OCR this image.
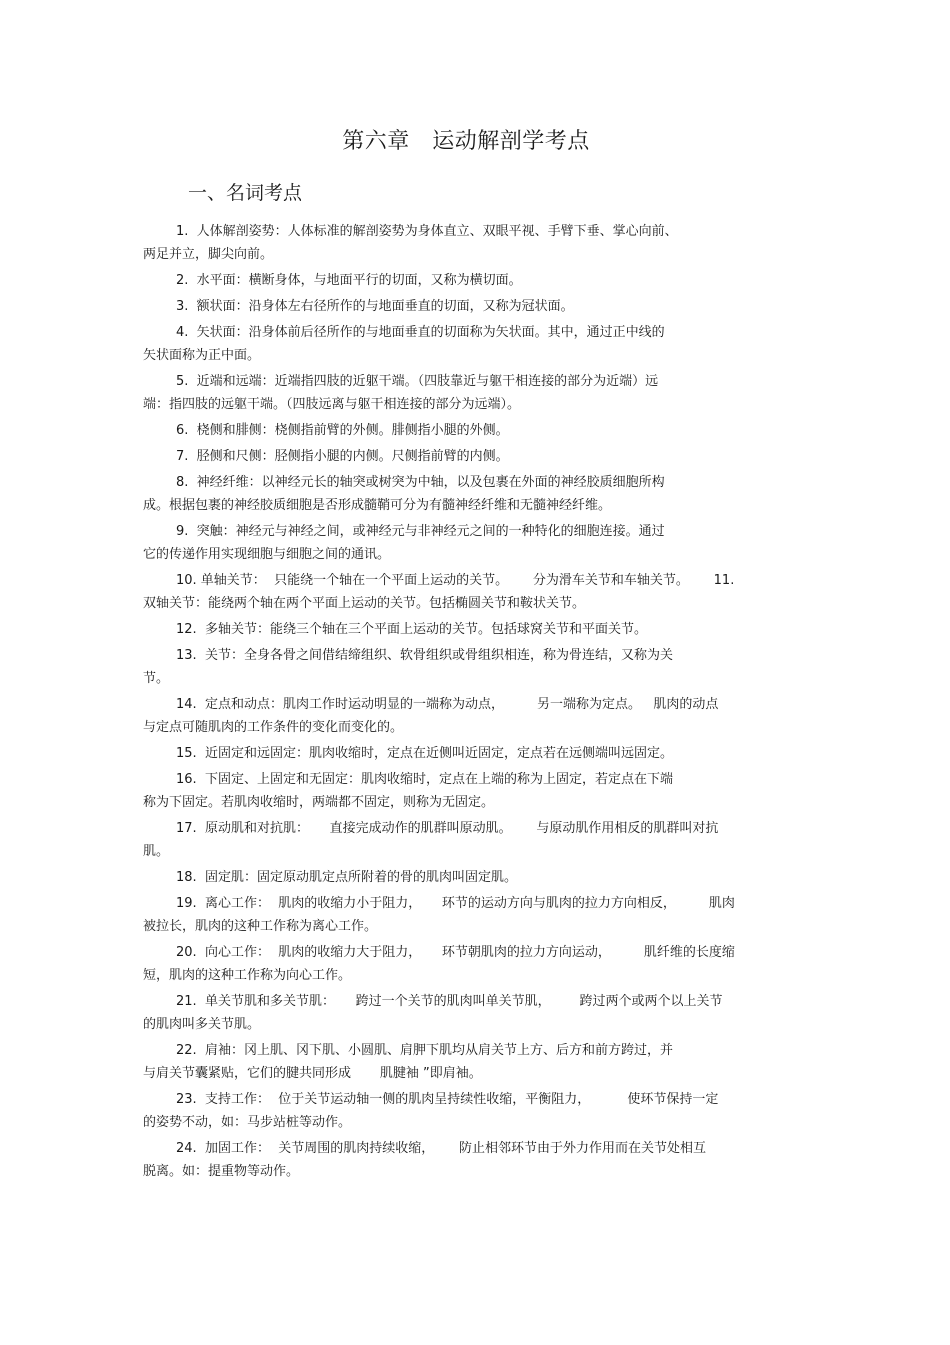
第六章　运动解剖学考点
一、名词考点
1.  人体解剖姿势：人体标准的解剖姿势为身体直立、双眼平视、手臂下垂、掌心向前、
两足并立，脚尖向前。
2.  水平面：横断身体，与地面平行的切面，又称为横切面。
3.  额状面：沿身体左右径所作的与地面垂直的切面，又称为冠状面。
4.  矢状面：沿身体前后径所作的与地面垂直的切面称为矢状面。其中，通过正中线的
矢状面称为正中面。
5.  近端和远端：近端指四肢的近躯干端。（四肢靠近与躯干相连接的部分为近端）远
端：指四肢的远躯干端。（四肢远离与躯干相连接的部分为远端）。
6.  桡侧和腓侧：桡侧指前臂的外侧。腓侧指小腿的外侧。
7.  胫侧和尺侧：胫侧指小腿的内侧。尺侧指前臂的内侧。
8.  神经纤维：以神经元长的轴突或树突为中轴，以及包裹在外面的神经胶质细胞所构
成。根据包裹的神经胶质细胞是否形成髓鞘可分为有髓神经纤维和无髓神经纤维。
9.  突触：神经元与神经之间，或神经元与非神经元之间的一种特化的细胞连接。通过
它的传递作用实现细胞与细胞之间的通讯。
10. 单轴关节：  只能绕一个轴在一个平面上运动的关节。      分为滑车关节和车轴关节。      11.
双轴关节：能绕两个轴在两个平面上运动的关节。包括椭圆关节和鞍状关节。
12.  多轴关节：能绕三个轴在三个平面上运动的关节。包括球窝关节和平面关节。
13.  关节：全身各骨之间借结缔组织、软骨组织或骨组织相连，称为骨连结，又称为关
节。
14.  定点和动点：肌肉工作时运动明显的一端称为动点，        另一端称为定点。   肌肉的动点
与定点可随肌肉的工作条件的变化而变化的。
15.  近固定和远固定：肌肉收缩时，定点在近侧叫近固定，定点若在远侧端叫远固定。
16.  下固定、上固定和无固定：肌肉收缩时，定点在上端的称为上固定，若定点在下端
称为下固定。若肌肉收缩时，两端都不固定，则称为无固定。
17.  原动肌和对抗肌：     直接完成动作的肌群叫原动肌。      与原动肌作用相反的肌群叫对抗
肌。
18.  固定肌：固定原动肌定点所附着的骨的肌肉叫固定肌。
19.  离心工作：  肌肉的收缩力小于阻力，     环节的运动方向与肌肉的拉力方向相反，        肌肉
被拉长，肌肉的这种工作称为离心工作。
20.  向心工作：  肌肉的收缩力大于阻力，     环节朝肌肉的拉力方向运动，        肌纤维的长度缩
短，肌肉的这种工作称为向心工作。
21.  单关节肌和多关节肌：     跨过一个关节的肌肉叫单关节肌，       跨过两个或两个以上关节
的肌肉叫多关节肌。
22.  肩袖：冈上肌、冈下肌、小圆肌、肩胛下肌均从肩关节上方、后方和前方跨过，并
与肩关节囊紧贴，它们的腱共同形成       肌腱袖 ”即肩袖。
23.  支持工作：  位于关节运动轴一侧的肌肉呈持续性收缩，平衡阻力，         使环节保持一定
的姿势不动，如：马步站桩等动作。
24.  加固工作：  关节周围的肌肉持续收缩，      防止相邻环节由于外力作用而在关节处相互
脱离。如：提重物等动作。
